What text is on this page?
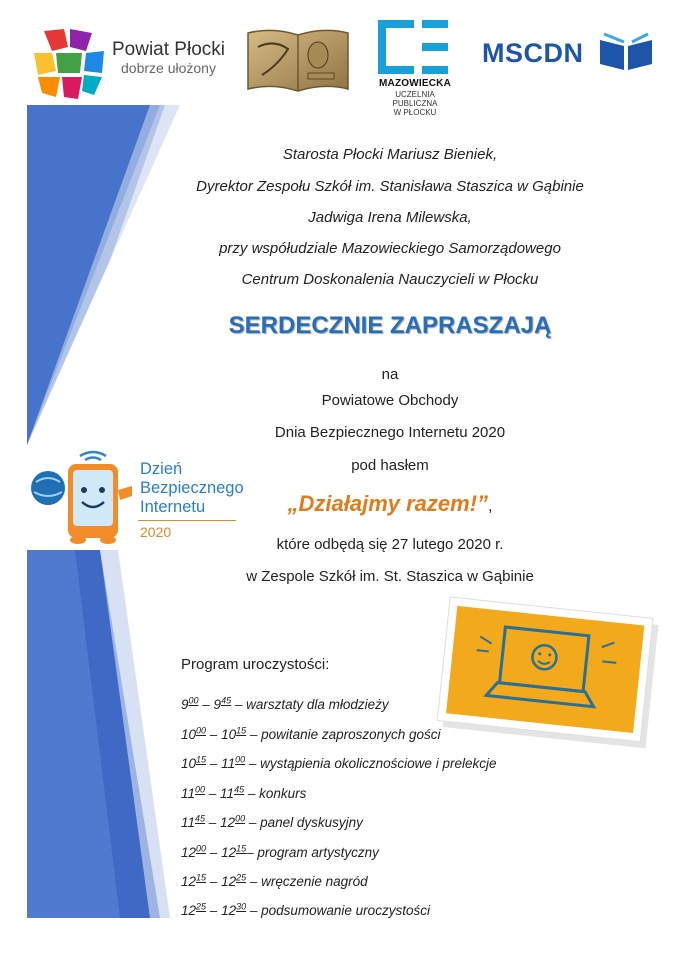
Powiat Płocki
dobrze ułożony
MAZOWIECKA
UCZELNIA PUBLICZNA
W PŁOCKU
MSCDN
Starosta Płocki Mariusz Bieniek,
Dyrektor Zespołu Szkół im. Stanisława Staszica w Gąbinie
Jadwiga Irena Milewska,
przy współudziale Mazowieckiego Samorządowego
Centrum Doskonalenia Nauczycieli w Płocku
SERDECZNIE ZAPRASZAJĄ
na
Powiatowe Obchody
Dnia Bezpiecznego Internetu 2020
pod hasłem
„Działajmy razem!”,
które odbędą się 27 lutego 2020 r.
w Zespole Szkół im. St. Staszica w Gąbinie
Dzień
Bezpiecznego
Internetu
2020
Program uroczystości:
$9^{00} - 9^{45}$ – warsztaty dla młodzieży
$10^{00} - 10^{15}$ – powitanie zaproszonych gości
$10^{15} - 11^{00}$ – wystąpienia okolicznościowe i prelekcje
$11^{00} - 11^{45}$ – konkurs
$11^{45} - 12^{00}$ – panel dyskusyjny
$12^{00} - 12^{15}-$ program artystyczny
$12^{15} - 12^{25}$ – wręczenie nagród
$12^{25} - 12^{30}$ – podsumowanie uroczystości
